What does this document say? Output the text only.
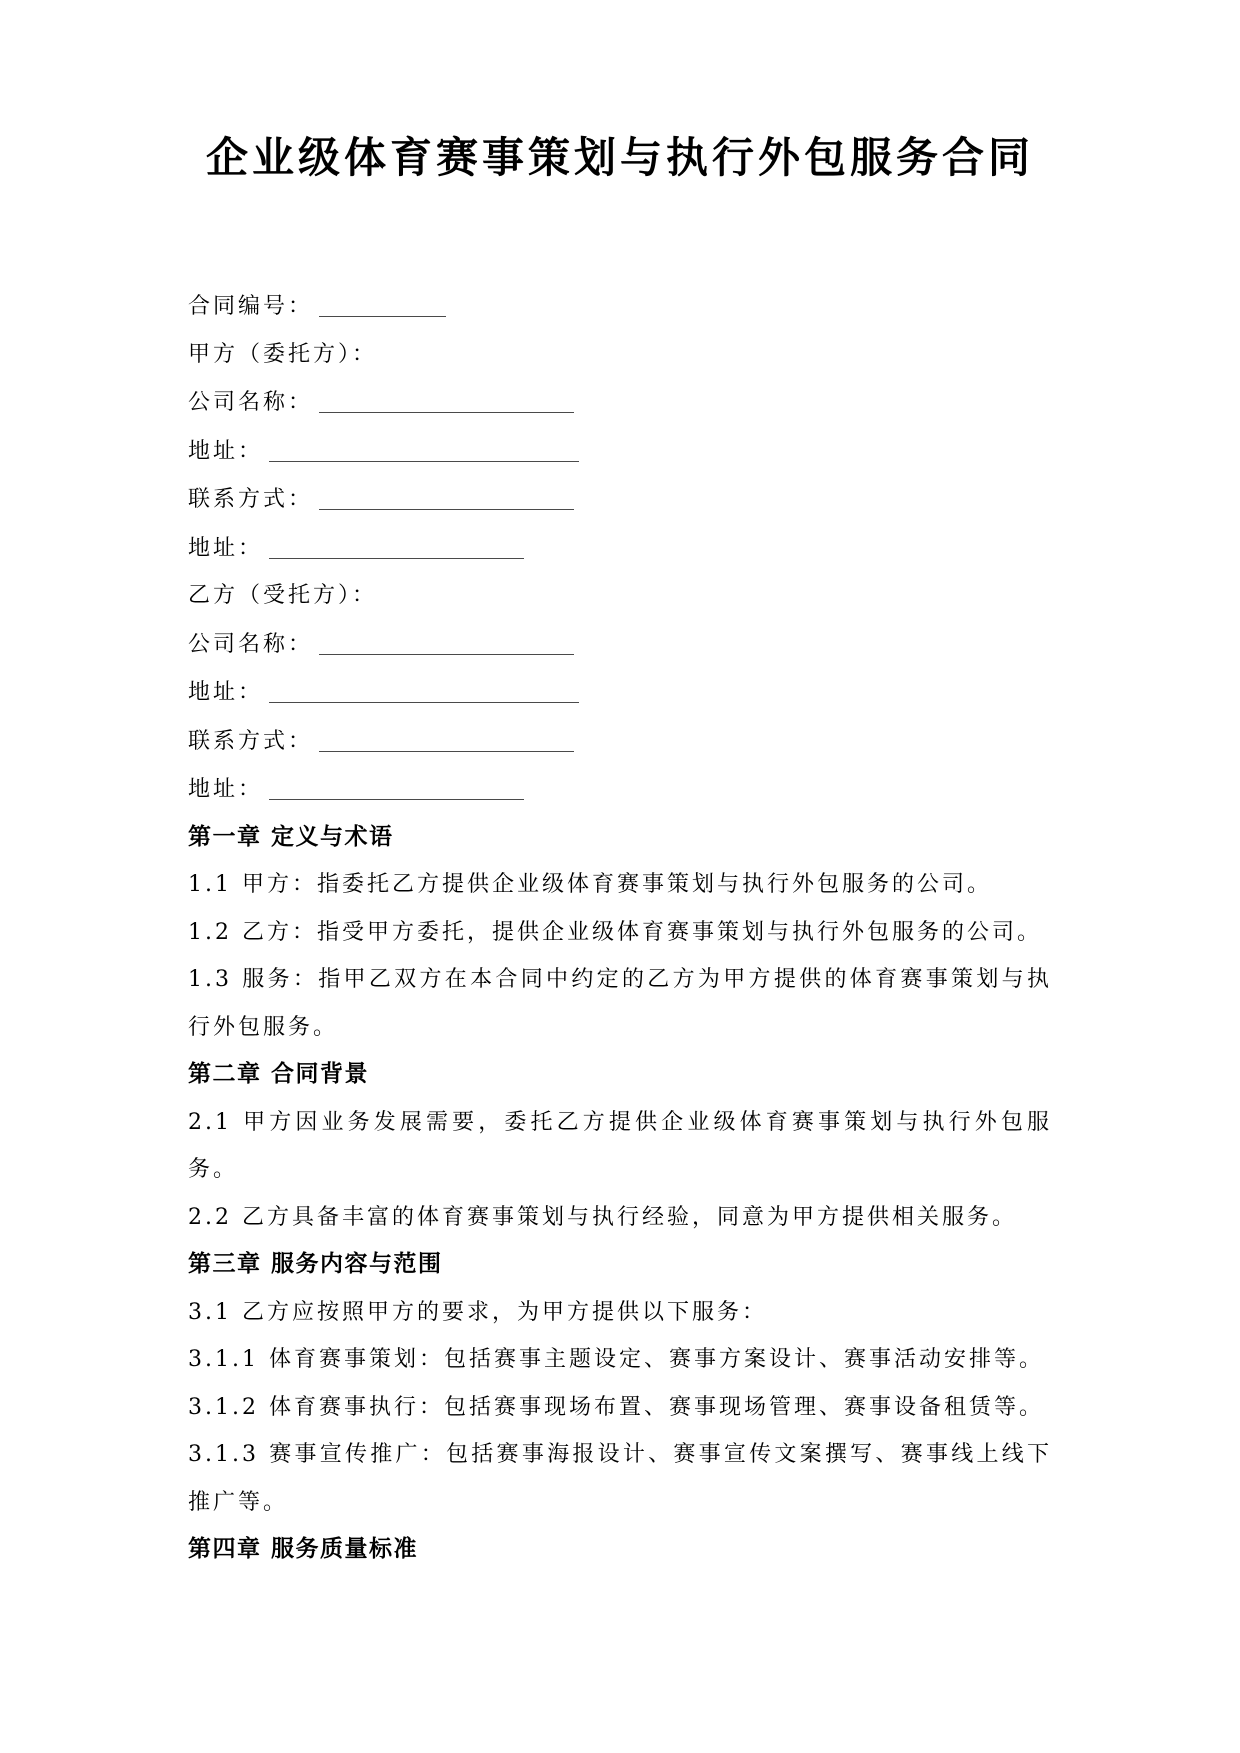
企业级体育赛事策划与执行外包服务合同
合同编号：
甲方（委托方）：
公司名称：
地址：
联系方式：
地址：
乙方（受托方）：
公司名称：
地址：
联系方式：
地址：
第一章 定义与术语

1.1 甲方：指委托乙方提供企业级体育赛事策划与执行外包服务的公司。

1.2 乙方：指受甲方委托，提供企业级体育赛事策划与执行外包服务的公司。

1.3 服务：指甲乙双方在本合同中约定的乙方为甲方提供的体育赛事策划与执行外包服务。

第二章 合同背景

2.1 甲方因业务发展需要，委托乙方提供企业级体育赛事策划与执行外包服务。

2.2 乙方具备丰富的体育赛事策划与执行经验，同意为甲方提供相关服务。

第三章 服务内容与范围

3.1 乙方应按照甲方的要求，为甲方提供以下服务：

3.1.1 体育赛事策划：包括赛事主题设定、赛事方案设计、赛事活动安排等。

3.1.2 体育赛事执行：包括赛事现场布置、赛事现场管理、赛事设备租赁等。

3.1.3 赛事宣传推广：包括赛事海报设计、赛事宣传文案撰写、赛事线上线下推广等。

第四章 服务质量标准
